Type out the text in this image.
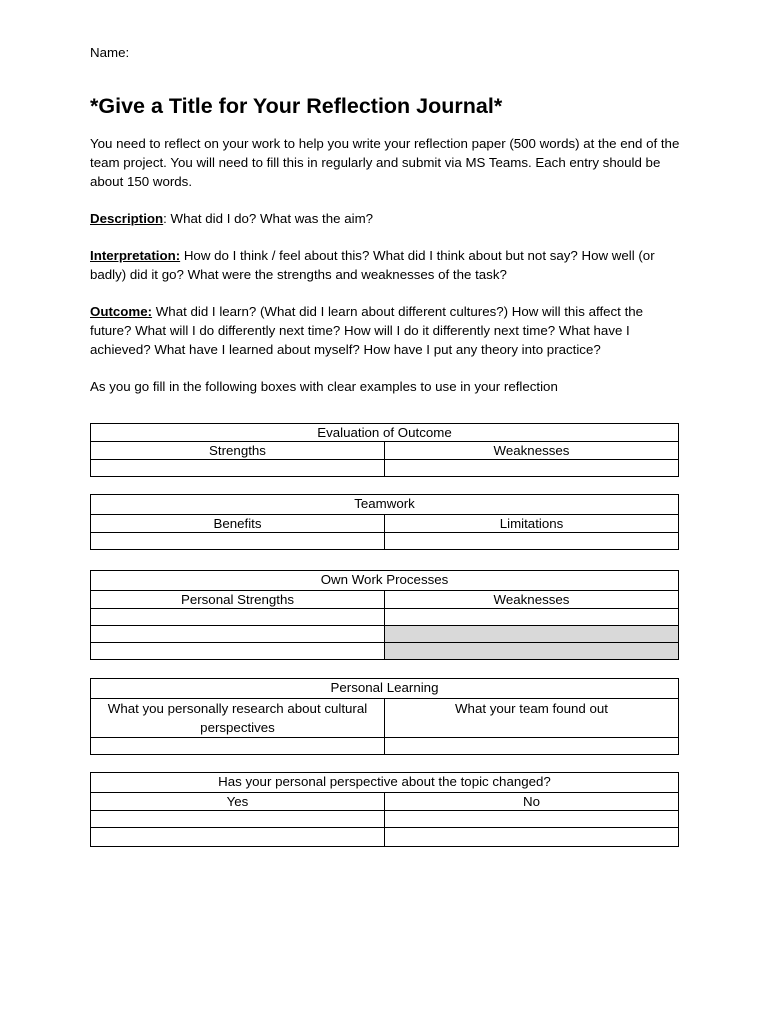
Name:

*Give a Title for Your Reflection Journal*

You need to reflect on your work to help you write your reflection paper (500 words) at the end of the team project. You will need to fill this in regularly and submit via MS Teams. Each entry should be about 150 words.

Description: What did I do? What was the aim?

Interpretation: How do I think / feel about this? What did I think about but not say? How well (or badly) did it go? What were the strengths and weaknesses of the task?

Outcome: What did I learn? (What did I learn about different cultures?) How will this affect the future? What will I do differently next time? How will I do it differently next time? What have I achieved? What have I learned about myself? How have I put any theory into practice?

As you go fill in the following boxes with clear examples to use in your reflection

Evaluation of Outcome	
Strengths	Weaknesses

Teamwork	
Benefits	Limitations

Own Work Processes	
Personal Strengths	Weaknesses

Personal Learning	
What you personally research about cultural perspectives	What your team found out

Has your personal perspective about the topic changed?	
Yes	No
